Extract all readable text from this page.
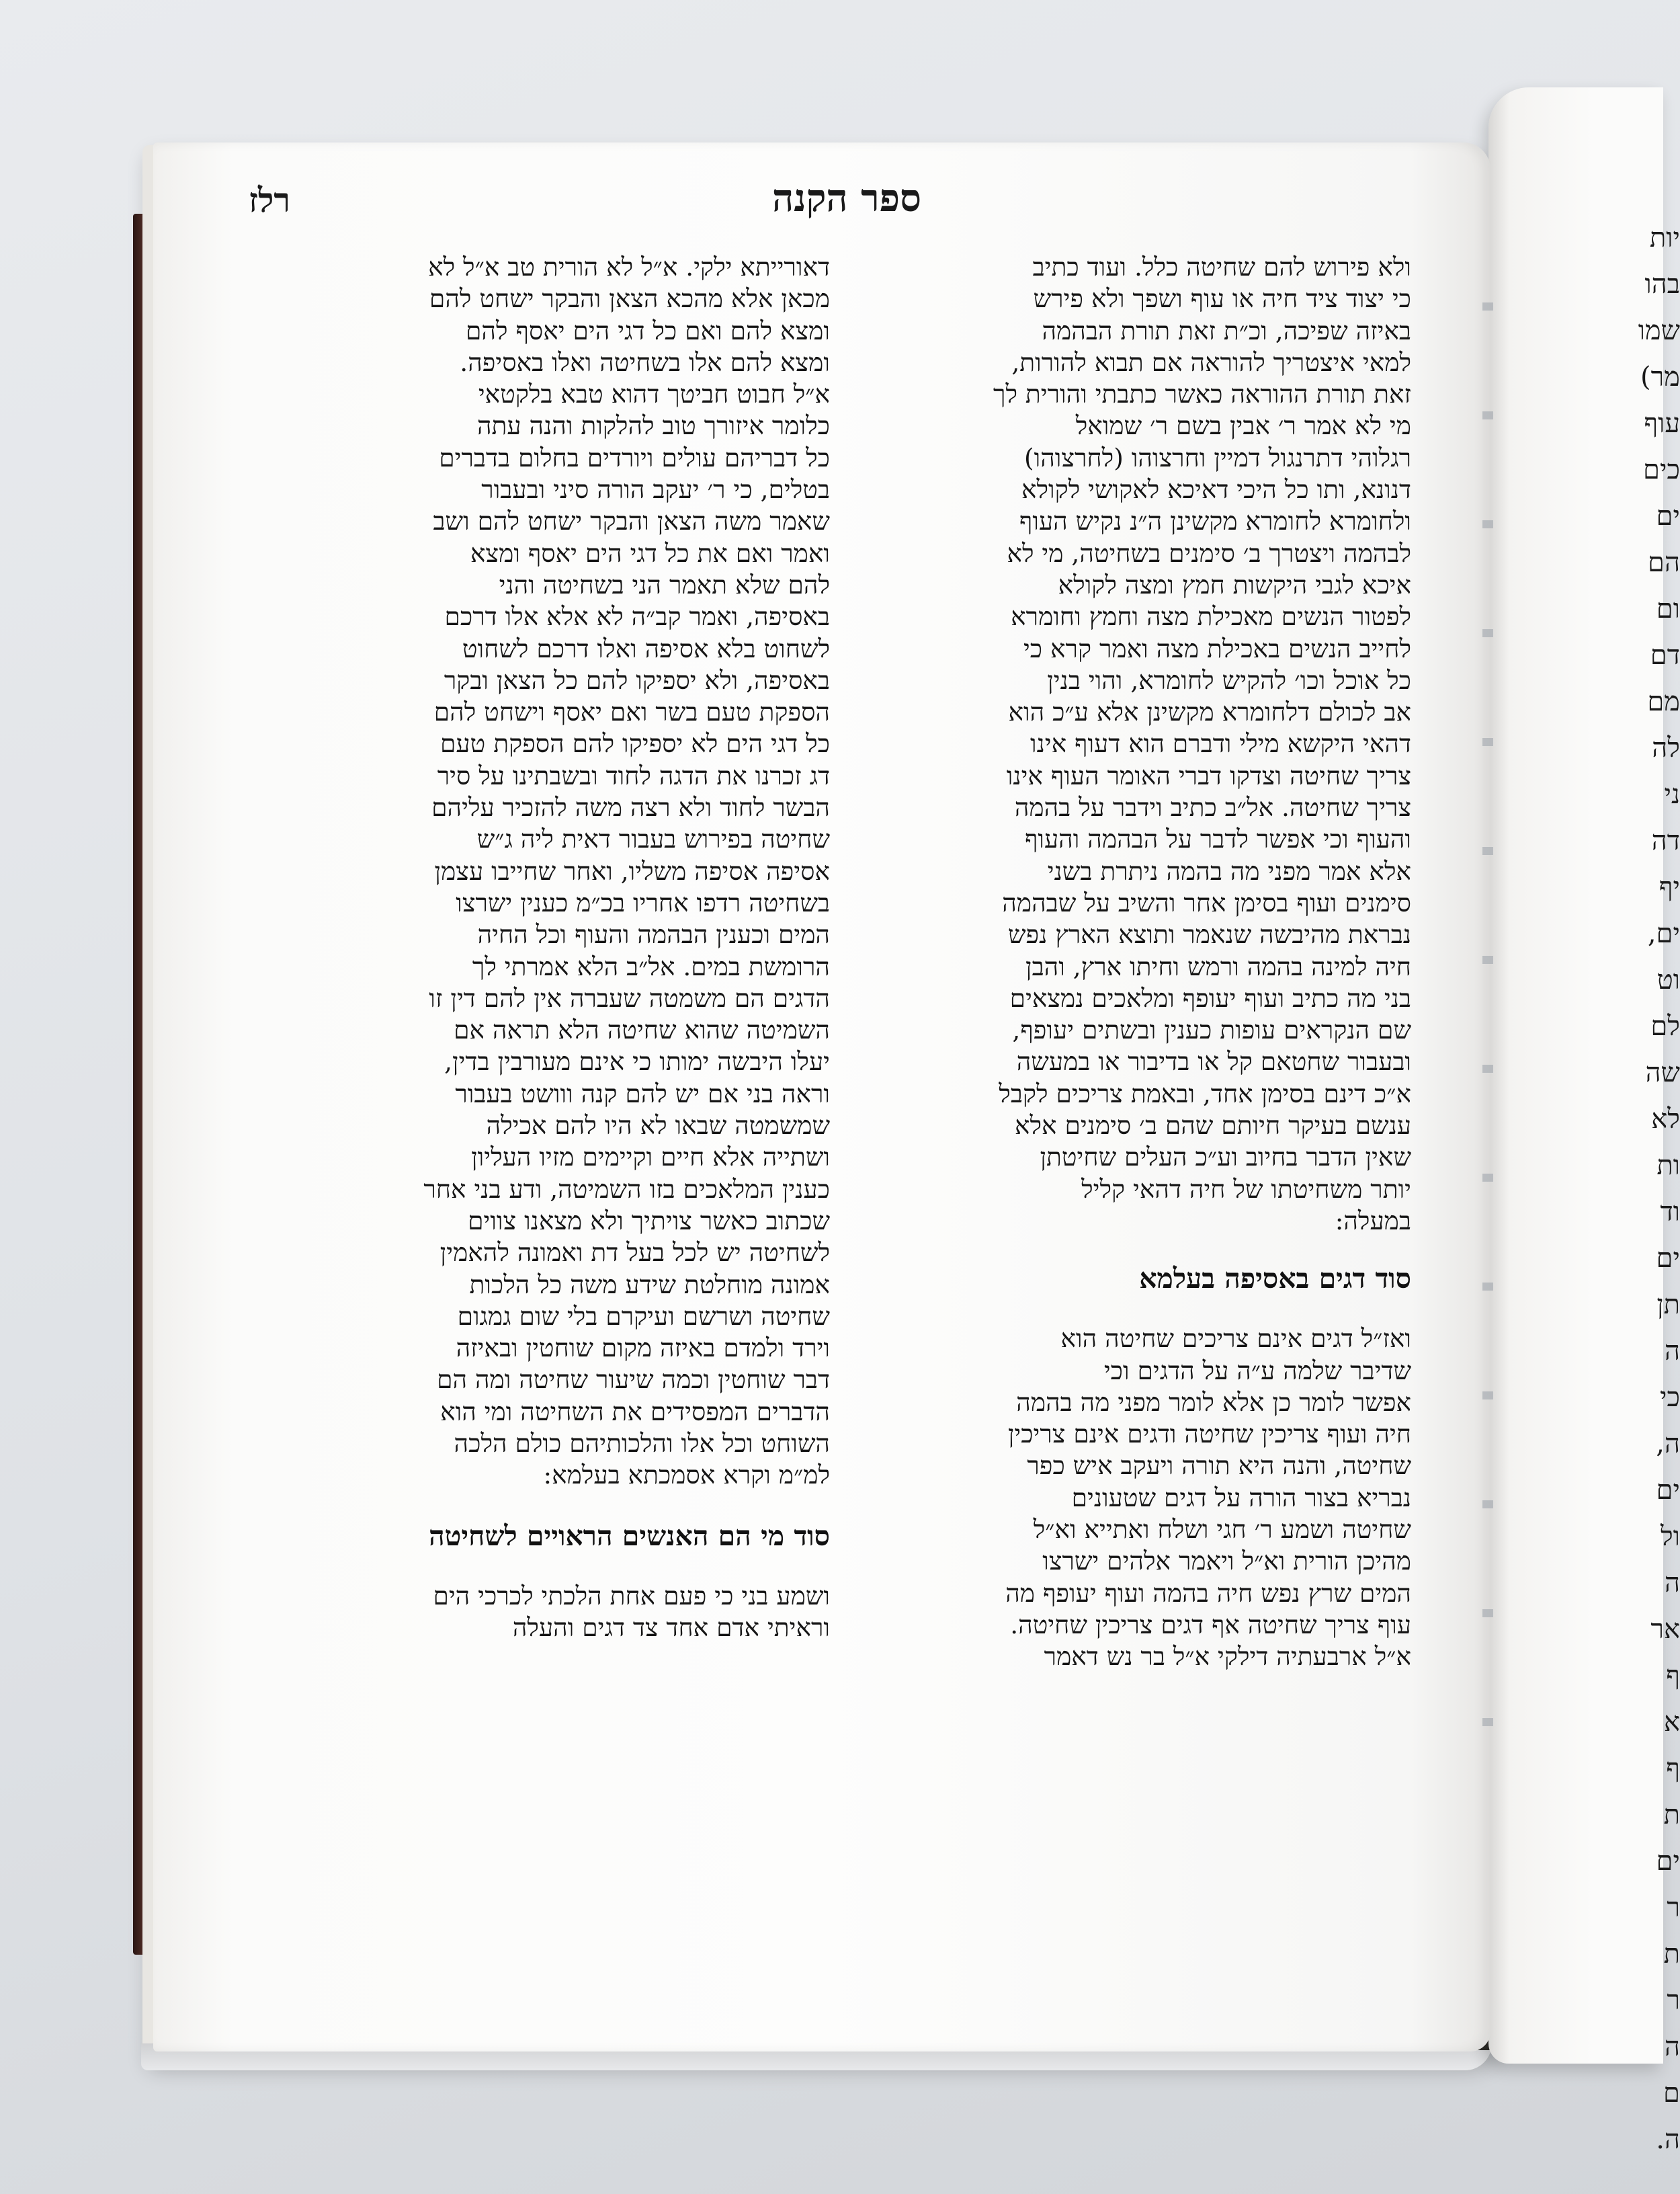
יות
בהו
שמו
מר)
עוף
כים
ים
הם
ום
דם
מם
לה
ני
דה
יף
ים,
וט
לם
שה
לא
ות
וד
ים
תן
ה
כי
ה,
ים
ול
ה
אר
ף
א
ף
ת
ים
ר
ת
ר
ה
ם
ה.
ספר הקנה
רלז
ולא פירוש להם שחיטה כלל. ועוד כתיב
כי יצוד ציד חיה או עוף ושפך ולא פירש
באיזה שפיכה, וכ״ת זאת תורת הבהמה
למאי איצטריך להוראה אם תבוא להורות,
זאת תורת ההוראה כאשר כתבתי והורית לך
מי לא אמר ר׳ אבין בשם ר׳ שמואל
רגלוהי דתרנגול דמיין וחרצוהו (לחרצוהו)
דנונא, ותו כל היכי דאיכא לאקושי לקולא
ולחומרא לחומרא מקשינן ה״נ נקיש העוף
לבהמה ויצטרך ב׳ סימנים בשחיטה, מי לא
איכא לגבי היקשות חמץ ומצה לקולא
לפטור הנשים מאכילת מצה וחמץ וחומרא
לחייב הנשים באכילת מצה ואמר קרא כי
כל אוכל וכו׳ להקיש לחומרא, והוי בנין
אב לכולם דלחומרא מקשינן אלא ע״כ הוא
דהאי היקשא מילי ודברם הוא דעוף אינו
צריך שחיטה וצדקו דברי האומר העוף אינו
צריך שחיטה. אל״ב כתיב וידבר על בהמה
והעוף וכי אפשר לדבר על הבהמה והעוף
אלא אמר מפני מה בהמה ניתרת בשני
סימנים ועוף בסימן אחר והשיב על שבהמה
נבראת מהיבשה שנאמר ותוצא הארץ נפש
חיה למינה בהמה ורמש וחיתו ארץ, והבן
בני מה כתיב ועוף יעופף ומלאכים נמצאים
שם הנקראים עופות כענין ובשתים יעופף,
ובעבור שחטאם קל או בדיבור או במעשה
א״כ דינם בסימן אחד, ובאמת צריכים לקבל
ענשם בעיקר חיותם שהם ב׳ סימנים אלא
שאין הדבר בחיוב וע״כ העלים שחיטתן
יותר משחיטתו של חיה דהאי קליל
במעלה:
סוד דגים באסיפה בעלמא
ואז״ל דגים אינם צריכים שחיטה הוא
שדיבר שלמה ע״ה על הדגים וכי
אפשר לומר כן אלא לומר מפני מה בהמה
חיה ועוף צריכין שחיטה ודגים אינם צריכין
שחיטה, והנה היא תורה ויעקב איש כפר
נבריא בצור הורה על דגים שטעונים
שחיטה ושמע ר׳ חגי ושלח ואתייא וא״ל
מהיכן הורית וא״ל ויאמר אלהים ישרצו
המים שרץ נפש חיה בהמה ועוף יעופף מה
עוף צריך שחיטה אף דגים צריכין שחיטה.
א״ל ארבעתיה דילקי א״ל בר נש דאמר
דאורייתא ילקי. א״ל לא הורית טב א״ל לא
מכאן אלא מהכא הצאן והבקר ישחט להם
ומצא להם ואם כל דגי הים יאסף להם
ומצא להם אלו בשחיטה ואלו באסיפה.
א״ל חבוט חביטך דהוא טבא בלקטאי
כלומר איזורך טוב להלקות והנה עתה
כל דבריהם עולים ויורדים בחלום בדברים
בטלים, כי ר׳ יעקב הורה סיני ובעבור
שאמר משה הצאן והבקר ישחט להם ושב
ואמר ואם את כל דגי הים יאסף ומצא
להם שלא תאמר הני בשחיטה והני
באסיפה, ואמר קב״ה לא אלא אלו דרכם
לשחוט בלא אסיפה ואלו דרכם לשחוט
באסיפה, ולא יספיקו להם כל הצאן ובקר
הספקת טעם בשר ואם יאסף וישחט להם
כל דגי הים לא יספיקו להם הספקת טעם
דג זכרנו את הדגה לחוד ובשבתינו על סיר
הבשר לחוד ולא רצה משה להזכיר עליהם
שחיטה בפירוש בעבור דאית ליה ג״ש
אסיפה אסיפה משליו, ואחר שחייבו עצמן
בשחיטה רדפו אחריו בכ״מ כענין ישרצו
המים וכענין הבהמה והעוף וכל החיה
הרומשת במים. אל״ב הלא אמרתי לך
הדגים הם משמטה שעברה אין להם דין זו
השמיטה שהוא שחיטה הלא תראה אם
יעלו היבשה ימותו כי אינם מעורבין בדין,
וראה בני אם יש להם קנה ווושט בעבור
שמשמטה שבאו לא היו להם אכילה
ושתייה אלא חיים וקיימים מזיו העליון
כענין המלאכים בזו השמיטה, ודע בני אחר
שכתוב כאשר צויתיך ולא מצאנו צווים
לשחיטה יש לכל בעל דת ואמונה להאמין
אמונה מוחלטת שידע משה כל הלכות
שחיטה ושרשם ועיקרם בלי שום גמגום
וירד ולמדם באיזה מקום שוחטין ובאיזה
דבר שוחטין וכמה שיעור שחיטה ומה הם
הדברים המפסידים את השחיטה ומי הוא
השוחט וכל אלו והלכותיהם כולם הלכה
למ״מ וקרא אסמכתא בעלמא:
סוד מי הם האנשים הראויים לשחיטה
ושמע בני כי פעם אחת הלכתי לכרכי הים
וראיתי אדם אחד צד דגים והעלה
